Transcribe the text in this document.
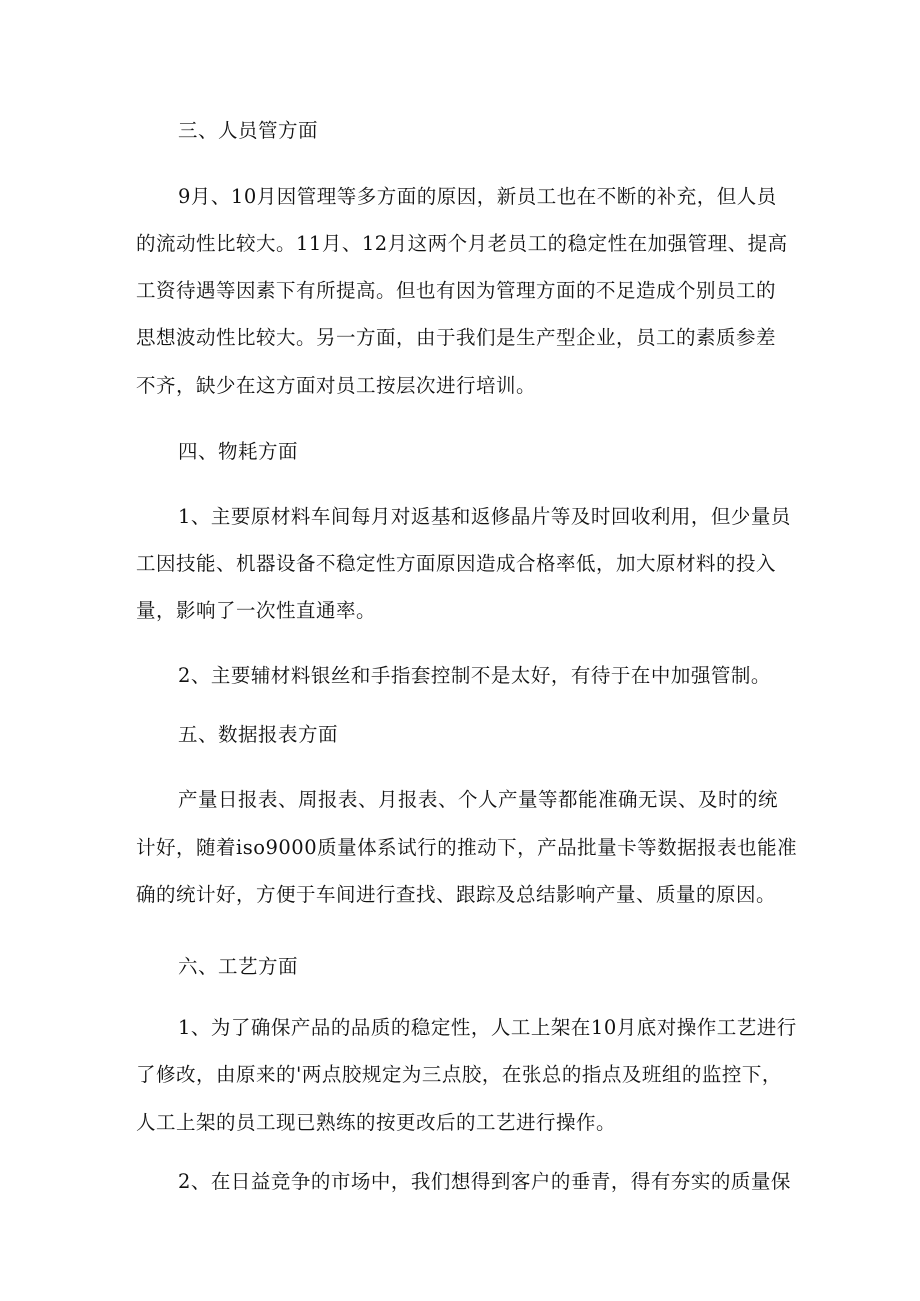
三、人员管方面
9月、10月因管理等多方面的原因，新员工也在不断的补充，但人员
的流动性比较大。11月、12月这两个月老员工的稳定性在加强管理、提高
工资待遇等因素下有所提高。但也有因为管理方面的不足造成个别员工的
思想波动性比较大。另一方面，由于我们是生产型企业，员工的素质参差
不齐，缺少在这方面对员工按层次进行培训。
四、物耗方面
1、主要原材料车间每月对返基和返修晶片等及时回收利用，但少量员
工因技能、机器设备不稳定性方面原因造成合格率低，加大原材料的投入
量，影响了一次性直通率。
2、主要辅材料银丝和手指套控制不是太好，有待于在中加强管制。
五、数据报表方面
产量日报表、周报表、月报表、个人产量等都能准确无误、及时的统
计好，随着iso9000质量体系试行的推动下，产品批量卡等数据报表也能准
确的统计好，方便于车间进行查找、跟踪及总结影响产量、质量的原因。
六、工艺方面
1、为了确保产品的品质的稳定性，人工上架在10月底对操作工艺进行
了修改，由原来的'两点胶规定为三点胶，在张总的指点及班组的监控下，
人工上架的员工现已熟练的按更改后的工艺进行操作。
2、在日益竞争的市场中，我们想得到客户的垂青，得有夯实的质量保
